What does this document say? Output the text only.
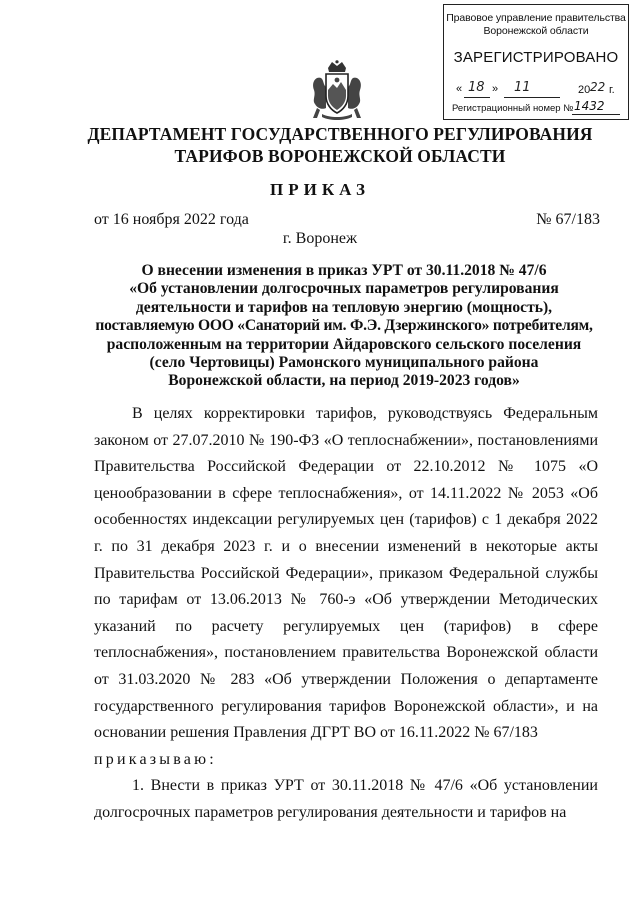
Правовое управление правительства
Воронежской области
ЗАРЕГИСТРИРОВАНО
« 18 » 11	20 22 г.
Регистрационный номер № 1432
ДЕПАРТАМЕНТ ГОСУДАРСТВЕННОГО РЕГУЛИРОВАНИЯ
ТАРИФОВ ВОРОНЕЖСКОЙ ОБЛАСТИ
ПРИКАЗ
от 16 ноября 2022 года	№ 67/183
г. Воронеж
О внесении изменения в приказ УРТ от 30.11.2018 № 47/6
«Об установлении долгосрочных параметров регулирования
деятельности и тарифов на тепловую энергию (мощность),
поставляемую ООО «Санаторий им. Ф.Э. Дзержинского» потребителям,
расположенным на территории Айдаровского сельского поселения
(село Чертовицы) Рамонского муниципального района
Воронежской области, на период 2019-2023 годов»

В целях корректировки тарифов, руководствуясь Федеральным законом от 27.07.2010 № 190-ФЗ «О теплоснабжении», постановлениями Правительства Российской Федерации от 22.10.2012 № 1075 «О ценообразовании в сфере теплоснабжения», от 14.11.2022 № 2053 «Об особенностях индексации регулируемых цен (тарифов) с 1 декабря 2022 г. по 31 декабря 2023 г. и о внесении изменений в некоторые акты Правительства Российской Федерации», приказом Федеральной службы по тарифам от 13.06.2013 № 760-э «Об утверждении Методических указаний по расчету регулируемых цен (тарифов) в сфере теплоснабжения», постановлением правительства Воронежской области от 31.03.2020 № 283 «Об утверждении Положения о департаменте государственного регулирования тарифов Воронежской области», и на основании решения Правления ДГРТ ВО от 16.11.2022 № 67/183

приказываю:

1. Внести в приказ УРТ от 30.11.2018 № 47/6 «Об установлении долгосрочных параметров регулирования деятельности и тарифов на
